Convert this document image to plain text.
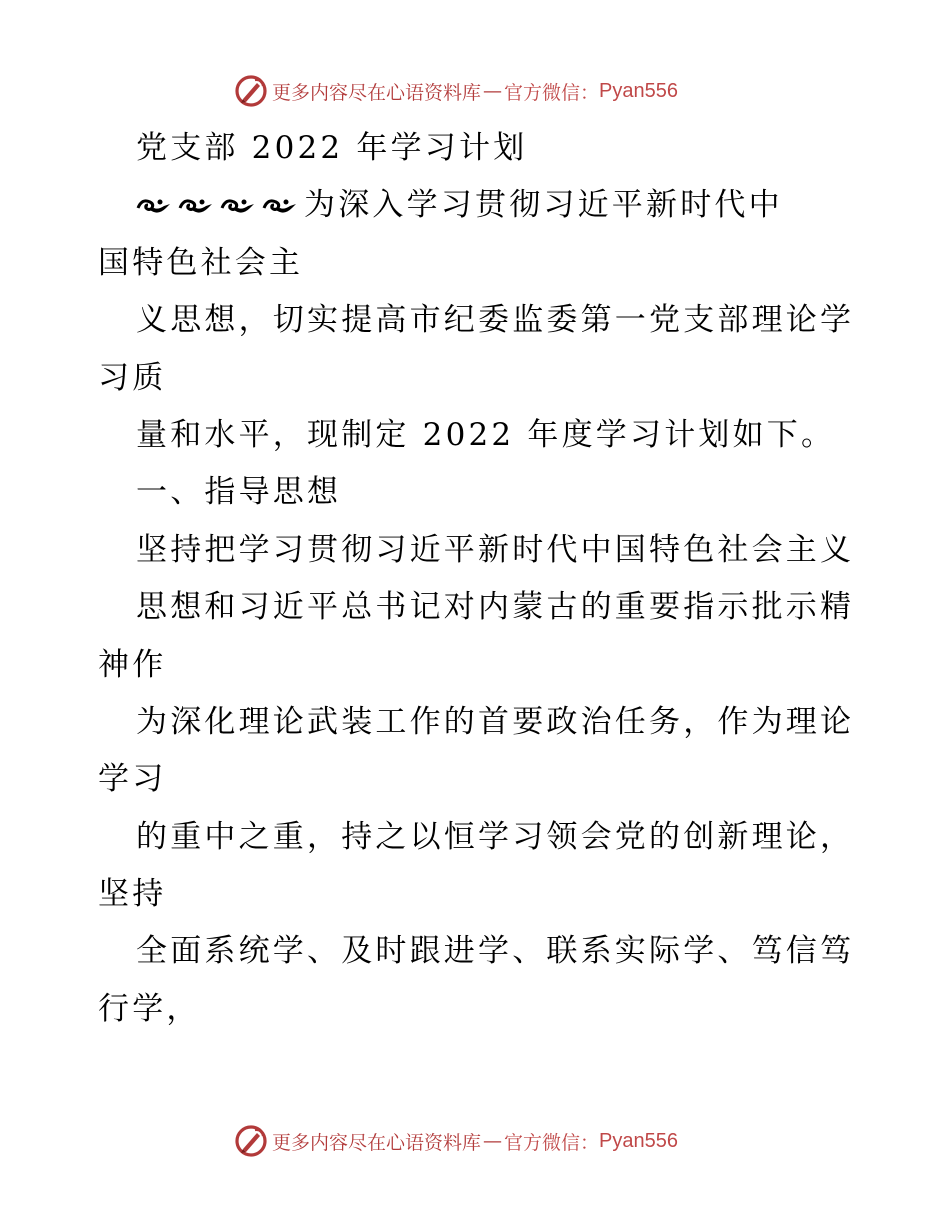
更多内容尽在心语资料库 — 官方微信： Pyan556
党支部 2022 年学习计划
为深入学习贯彻习近平新时代中
国特色社会主
义思想，切实提高市纪委监委第一党支部理论学
习质
量和水平，现制定 2022 年度学习计划如下。
一、指导思想
坚持把学习贯彻习近平新时代中国特色社会主义
思想和习近平总书记对内蒙古的重要指示批示精
神作
为深化理论武装工作的首要政治任务，作为理论
学习
的重中之重，持之以恒学习领会党的创新理论，
坚持
全面系统学、及时跟进学、联系实际学、笃信笃
行学，
更多内容尽在心语资料库 — 官方微信： Pyan556
